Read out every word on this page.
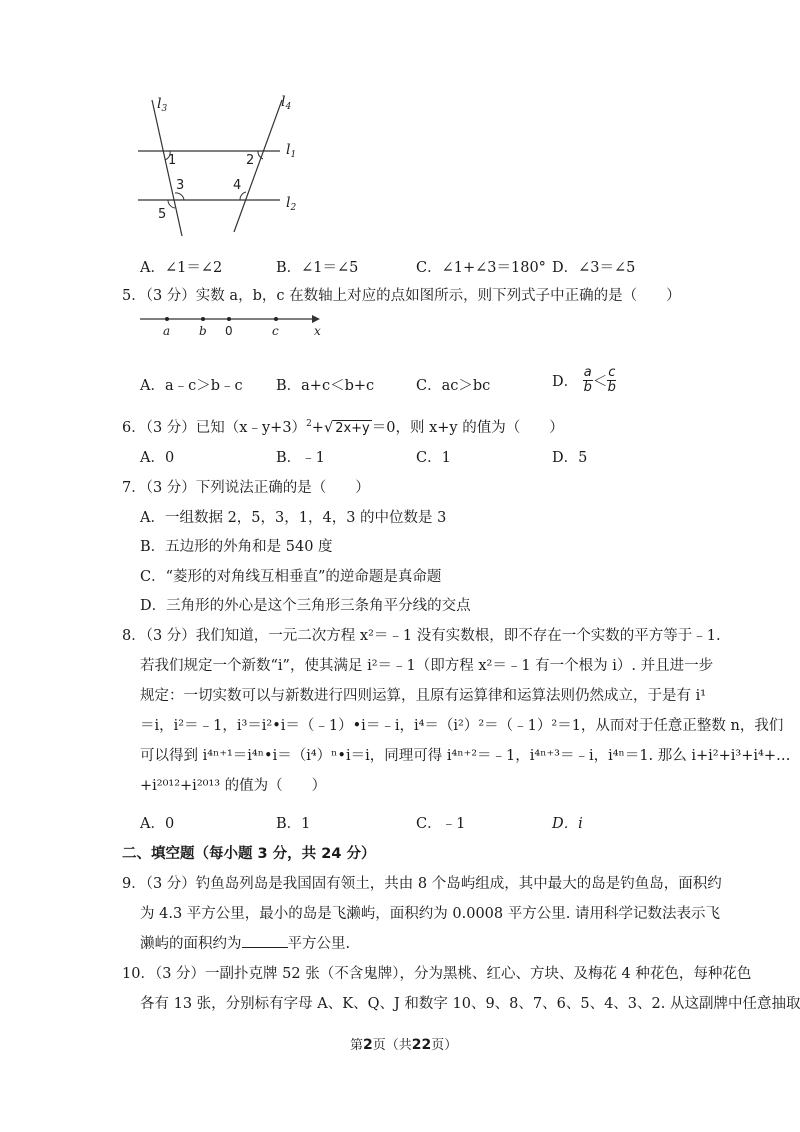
$l_3$	$l_4$
$l_1$
$l_2$
1	2
3	4
5
A．∠1＝∠2	B．∠1＝∠5	C．∠1+∠3＝180° D．∠3＝∠5
5．（3 分）实数 a，b，c 在数轴上对应的点如图所示，则下列式子中正确的是（　　）
a b 0	c	x
A．a﹣c＞b﹣c B．a+c＜b+c	C．ac＞bc	D． $\frac{a}{b} < \frac{c}{b}$
6．（3 分）已知（x﹣y+3）$^2$+√ 2x+y ＝0，则 x+y 的值为（　　）
A．0	B．﹣1	C．1	D．5
7．（3 分）下列说法正确的是（　　）
A．一组数据 2，5，3，1，4，3 的中位数是 3
B．五边形的外角和是 540 度
C．“菱形的对角线互相垂直”的逆命题是真命题
D．三角形的外心是这个三角形三条角平分线的交点
8．（3 分）我们知道，一元二次方程 x²＝﹣1 没有实数根，即不存在一个实数的平方等于﹣1.
若我们规定一个新数“i”，使其满足 i²＝﹣1（即方程 x²＝﹣1 有一个根为 i）. 并且进一步
规定：一切实数可以与新数进行四则运算，且原有运算律和运算法则仍然成立，于是有 i¹
＝i，i²＝﹣1，i³＝i²•i＝（﹣1）•i＝﹣i，i⁴＝（i²）²＝（﹣1）²＝1，从而对于任意正整数 n，我们
可以得到 i⁴ⁿ⁺¹＝i⁴ⁿ•i＝（i⁴）ⁿ•i＝i，同理可得 i⁴ⁿ⁺²＝﹣1，i⁴ⁿ⁺³＝﹣i，i⁴ⁿ＝1. 那么 i+i²+i³+i⁴+…
+i²⁰¹²+i²⁰¹³ 的值为（　　）
A．0	B．1	C．﹣1	D．i
二、填空题（每小题 3 分，共 24 分）
9．（3 分）钓鱼岛列岛是我国固有领土，共由 8 个岛屿组成，其中最大的岛是钓鱼岛，面积约
为 4.3 平方公里，最小的岛是飞濑屿，面积约为 0.0008 平方公里. 请用科学记数法表示飞
濑屿的面积约为	平方公里.
10．（3 分）一副扑克牌 52 张（不含鬼牌），分为黑桃、红心、方块、及梅花 4 种花色，每种花色
各有 13 张，分别标有字母 A、K、Q、J 和数字 10、9、8、7、6、5、4、3、2. 从这副牌中任意抽取
第2页（共22页）
